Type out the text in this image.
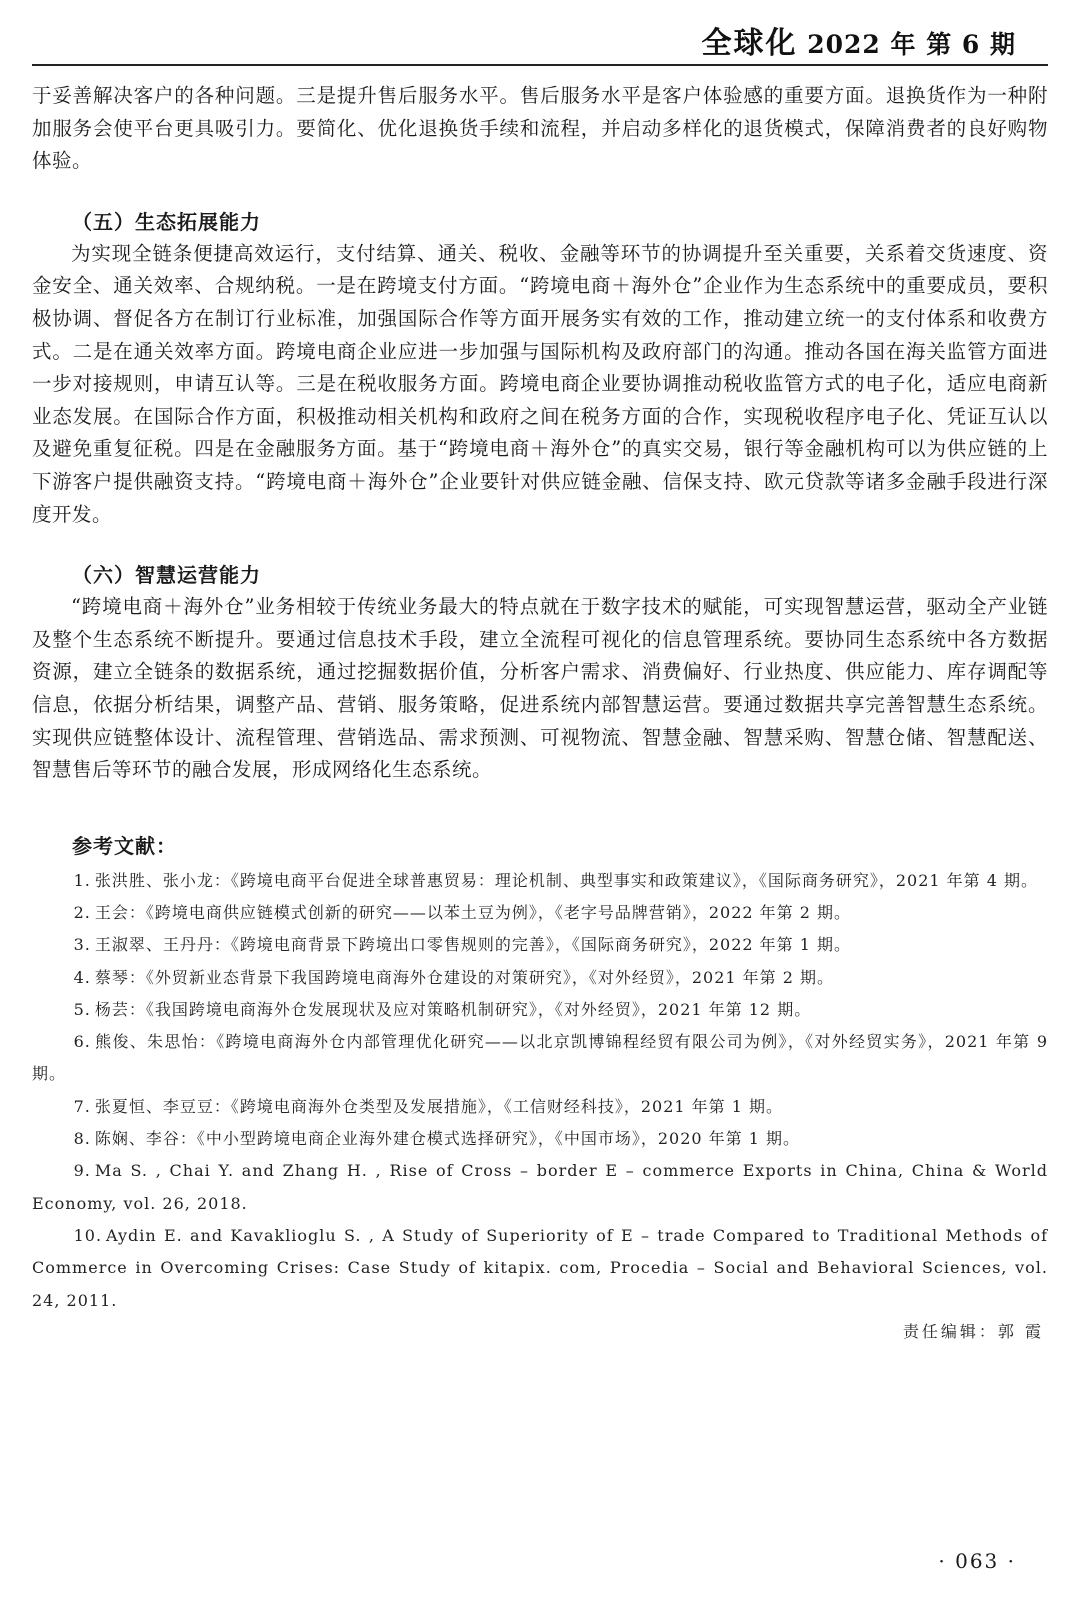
全球化 2022 年 第 6 期

于妥善解决客户的各种问题。三是提升售后服务水平。售后服务水平是客户体验感的重要方面。退换货作为一种附加服务会使平台更具吸引力。要简化、优化退换货手续和流程，并启动多样化的退货模式，保障消费者的良好购物体验。

（五）生态拓展能力

为实现全链条便捷高效运行，支付结算、通关、税收、金融等环节的协调提升至关重要，关系着交货速度、资金安全、通关效率、合规纳税。一是在跨境支付方面。“跨境电商＋海外仓”企业作为生态系统中的重要成员，要积极协调、督促各方在制订行业标准，加强国际合作等方面开展务实有效的工作，推动建立统一的支付体系和收费方式。二是在通关效率方面。跨境电商企业应进一步加强与国际机构及政府部门的沟通。推动各国在海关监管方面进一步对接规则，申请互认等。三是在税收服务方面。跨境电商企业要协调推动税收监管方式的电子化，适应电商新业态发展。在国际合作方面，积极推动相关机构和政府之间在税务方面的合作，实现税收程序电子化、凭证互认以及避免重复征税。四是在金融服务方面。基于“跨境电商＋海外仓”的真实交易，银行等金融机构可以为供应链的上下游客户提供融资支持。“跨境电商＋海外仓”企业要针对供应链金融、信保支持、欧元贷款等诸多金融手段进行深度开发。

（六）智慧运营能力

“跨境电商＋海外仓”业务相较于传统业务最大的特点就在于数字技术的赋能，可实现智慧运营，驱动全产业链及整个生态系统不断提升。要通过信息技术手段，建立全流程可视化的信息管理系统。要协同生态系统中各方数据资源，建立全链条的数据系统，通过挖掘数据价值，分析客户需求、消费偏好、行业热度、供应能力、库存调配等信息，依据分析结果，调整产品、营销、服务策略，促进系统内部智慧运营。要通过数据共享完善智慧生态系统。实现供应链整体设计、流程管理、营销选品、需求预测、可视物流、智慧金融、智慧采购、智慧仓储、智慧配送、智慧售后等环节的融合发展，形成网络化生态系统。

参考文献：

1. 张洪胜、张小龙：《跨境电商平台促进全球普惠贸易：理论机制、典型事实和政策建议》，《国际商务研究》，2021 年第 4 期。

2. 王会：《跨境电商供应链模式创新的研究——以苯土豆为例》，《老字号品牌营销》，2022 年第 2 期。

3. 王淑翠、王丹丹：《跨境电商背景下跨境出口零售规则的完善》，《国际商务研究》，2022 年第 1 期。

4. 蔡琴：《外贸新业态背景下我国跨境电商海外仓建设的对策研究》，《对外经贸》，2021 年第 2 期。

5. 杨芸：《我国跨境电商海外仓发展现状及应对策略机制研究》，《对外经贸》，2021 年第 12 期。

6. 熊俊、朱思怡：《跨境电商海外仓内部管理优化研究——以北京凯博锦程经贸有限公司为例》，《对外经贸实务》，2021 年第 9 期。

7. 张夏恒、李豆豆：《跨境电商海外仓类型及发展措施》，《工信财经科技》，2021 年第 1 期。

8. 陈娴、李谷：《中小型跨境电商企业海外建仓模式选择研究》，《中国市场》，2020 年第 1 期。

9. Ma S. , Chai Y. and Zhang H. , Rise of Cross – border E – commerce Exports in China, China & World Economy, vol. 26, 2018.

10. Aydin E. and Kavaklioglu S. , A Study of Superiority of E – trade Compared to Traditional Methods of Commerce in Overcoming Crises: Case Study of kitapix. com, Procedia – Social and Behavioral Sciences, vol. 24, 2011.

责任编辑：郭 霞
· 063 ·
